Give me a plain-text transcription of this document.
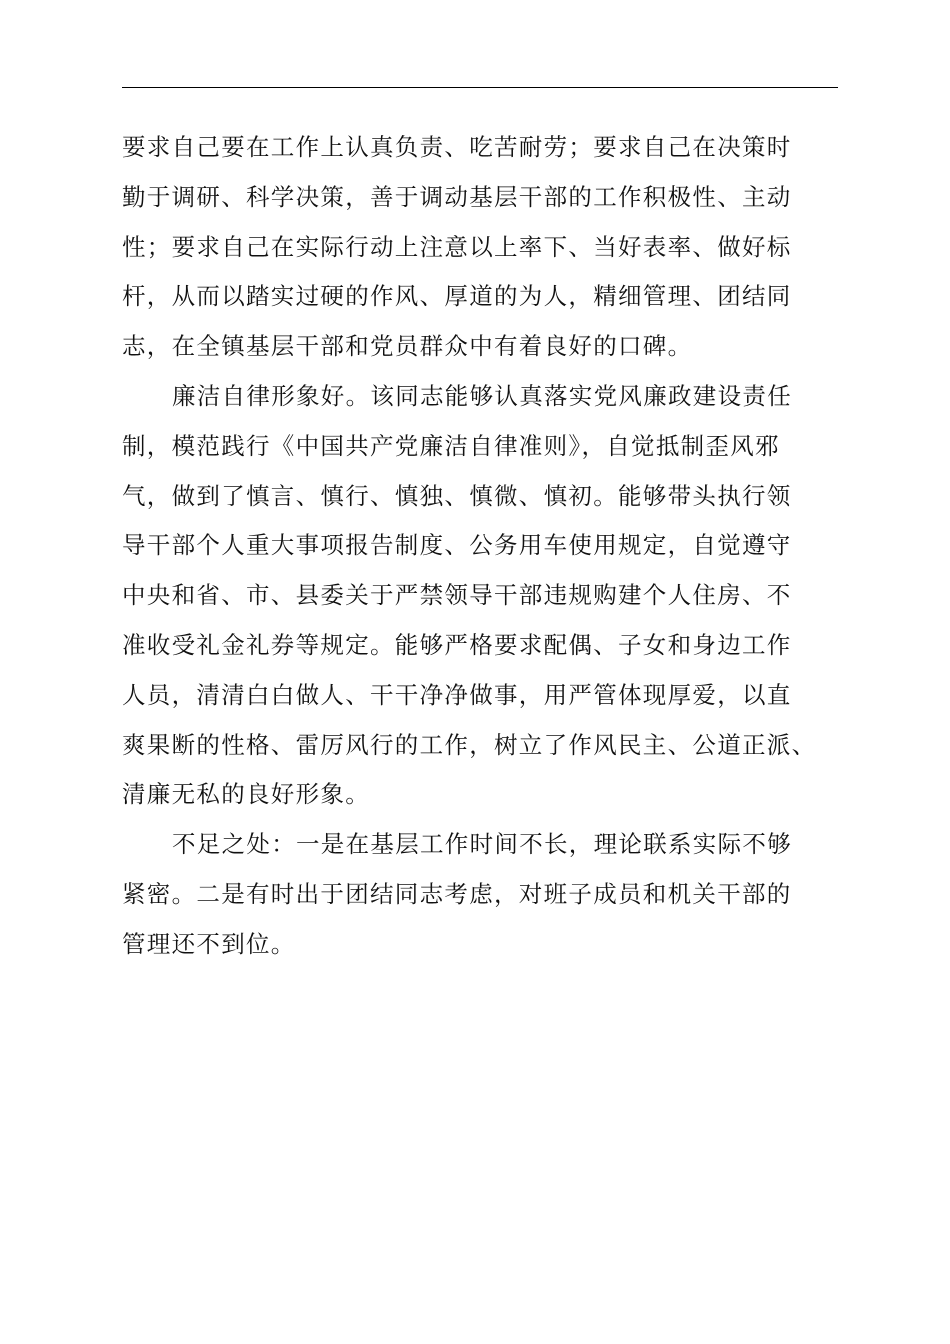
要求自己要在工作上认真负责、吃苦耐劳；要求自己在决策时
勤于调研、科学决策，善于调动基层干部的工作积极性、主动
性；要求自己在实际行动上注意以上率下、当好表率、做好标
杆，从而以踏实过硬的作风、厚道的为人，精细管理、团结同
志，在全镇基层干部和党员群众中有着良好的口碑。
廉洁自律形象好。该同志能够认真落实党风廉政建设责任
制，模范践行《中国共产党廉洁自律准则》，自觉抵制歪风邪
气，做到了慎言、慎行、慎独、慎微、慎初。能够带头执行领
导干部个人重大事项报告制度、公务用车使用规定，自觉遵守
中央和省、市、县委关于严禁领导干部违规购建个人住房、不
准收受礼金礼券等规定。能够严格要求配偶、子女和身边工作
人员，清清白白做人、干干净净做事，用严管体现厚爱，以直
爽果断的性格、雷厉风行的工作，树立了作风民主、公道正派、
清廉无私的良好形象。
不足之处：一是在基层工作时间不长，理论联系实际不够
紧密。二是有时出于团结同志考虑，对班子成员和机关干部的
管理还不到位。
